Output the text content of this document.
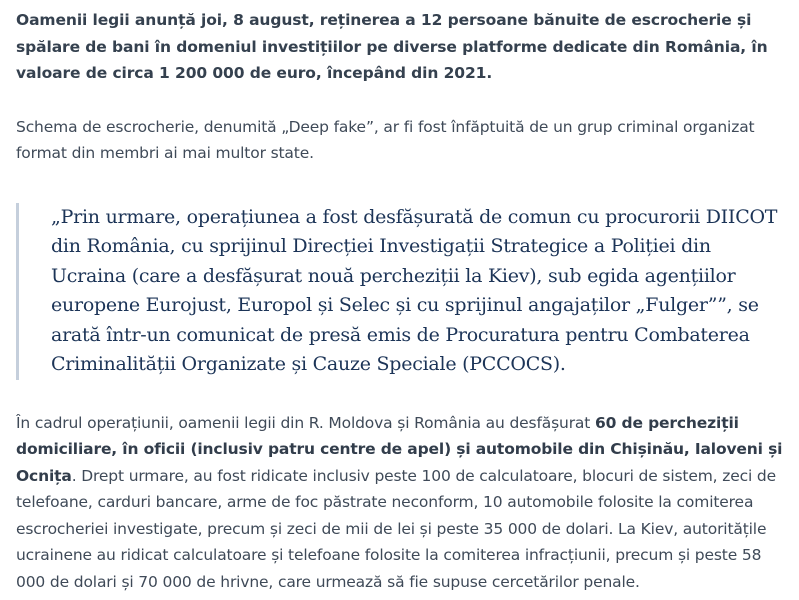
Oamenii legii anunță joi, 8 august, reținerea a 12 persoane bănuite de escrocherie și spălare de bani în domeniul investițiilor pe diverse platforme dedicate din România, în valoare de circa 1 200 000 de euro, începând din 2021.

Schema de escrocherie, denumită „Deep fake”, ar fi fost înfăptuită de un grup criminal organizat format din membri ai mai multor state.

„Prin urmare, operațiunea a fost desfășurată de comun cu procurorii DIICOT din România, cu sprijinul Direcției Investigații Strategice a Poliției din Ucraina (care a desfășurat nouă percheziții la Kiev), sub egida agențiilor europene Eurojust, Europol și Selec și cu sprijinul angajaților „Fulger””, se arată într-un comunicat de presă emis de Procuratura pentru Combaterea Criminalității Organizate și Cauze Speciale (PCCOCS).

În cadrul operațiunii, oamenii legii din R. Moldova și România au desfășurat 60 de percheziții domiciliare, în oficii (inclusiv patru centre de apel) și automobile din Chișinău, Ialoveni și Ocnița. Drept urmare, au fost ridicate inclusiv peste 100 de calculatoare, blocuri de sistem, zeci de telefoane, carduri bancare, arme de foc păstrate neconform, 10 automobile folosite la comiterea escrocheriei investigate, precum și zeci de mii de lei și peste 35 000 de dolari. La Kiev, autoritățile ucrainene au ridicat calculatoare și telefoane folosite la comiterea infracțiunii, precum și peste 58 000 de dolari și 70 000 de hrivne, care urmează să fie supuse cercetărilor penale.
